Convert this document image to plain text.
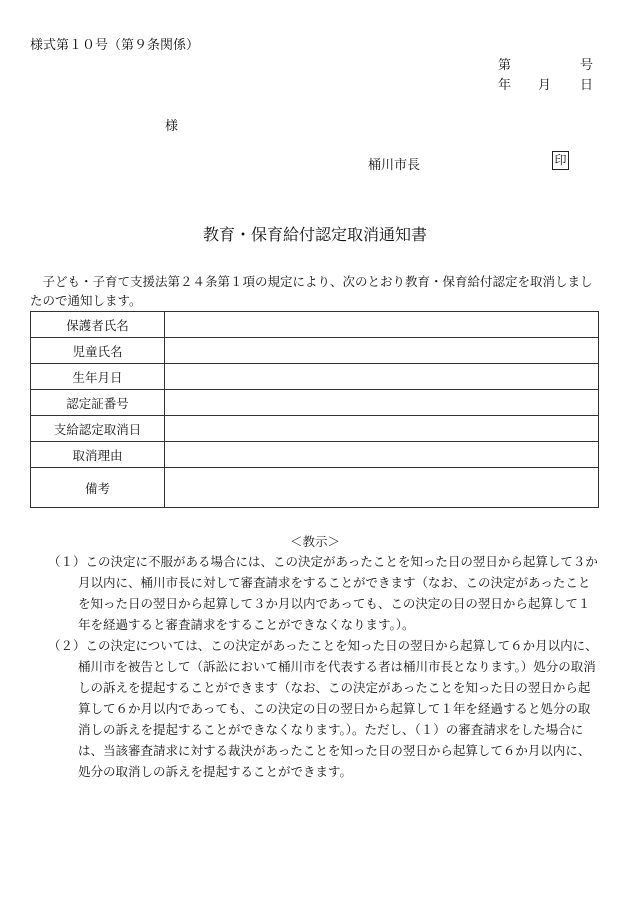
様式第１０号（第９条関係）
第	号
年 月 日
様
桶川市長	印
教育・保育給付認定取消通知書
子ども・子育て支援法第２４条第１項の規定により、次のとおり教育・保育給付認定を取消しましたので通知します。
保護者氏名	
児童氏名	
生年月日	
認定証番号	
支給認定取消日	
取消理由	
備考	
＜教示＞
（１）この決定に不服がある場合には、この決定があったことを知った日の翌日から起算して３か月以内に、桶川市長に対して審査請求をすることができます（なお、この決定があったことを知った日の翌日から起算して３か月以内であっても、この決定の日の翌日から起算して１年を経過すると審査請求をすることができなくなります。）。
（２）この決定については、この決定があったことを知った日の翌日から起算して６か月以内に、桶川市を被告として（訴訟において桶川市を代表する者は桶川市長となります。）処分の取消しの訴えを提起することができます（なお、この決定があったことを知った日の翌日から起算して６か月以内であっても、この決定の日の翌日から起算して１年を経過すると処分の取消しの訴えを提起することができなくなります。）。ただし、（１）の審査請求をした場合には、当該審査請求に対する裁決があったことを知った日の翌日から起算して６か月以内に、処分の取消しの訴えを提起することができます。
